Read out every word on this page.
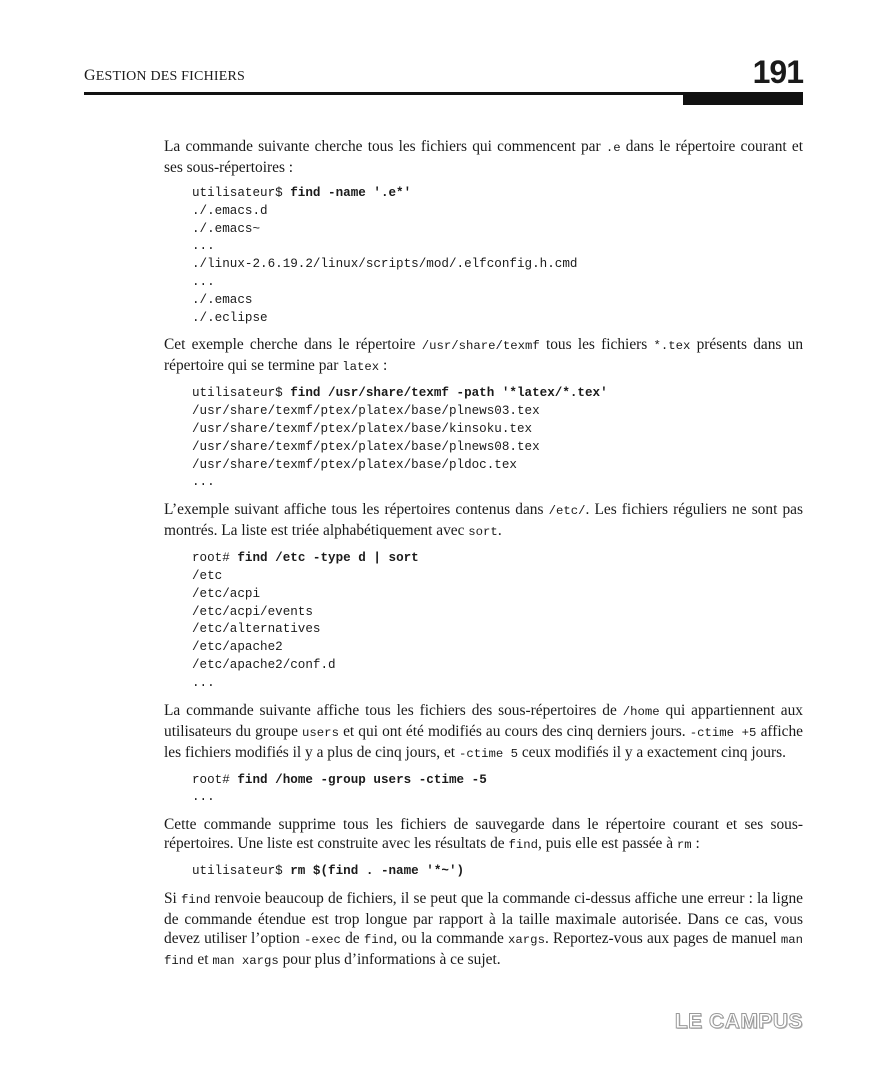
GESTION DES FICHIERS	191

La commande suivante cherche tous les fichiers qui commencent par .e dans le répertoire courant et ses sous-répertoires :

utilisateur$ find -name '.e*'
./.emacs.d
./.emacs~
...
./linux-2.6.19.2/linux/scripts/mod/.elfconfig.h.cmd
...
./.emacs
./.eclipse

Cet exemple cherche dans le répertoire /usr/share/texmf tous les fichiers *.tex présents dans un répertoire qui se termine par latex :

utilisateur$ find /usr/share/texmf -path '*latex/*.tex'
/usr/share/texmf/ptex/platex/base/plnews03.tex
/usr/share/texmf/ptex/platex/base/kinsoku.tex
/usr/share/texmf/ptex/platex/base/plnews08.tex
/usr/share/texmf/ptex/platex/base/pldoc.tex
...

L’exemple suivant affiche tous les répertoires contenus dans /etc/. Les fichiers réguliers ne sont pas montrés. La liste est triée alphabétiquement avec sort.

root# find /etc -type d | sort
/etc
/etc/acpi
/etc/acpi/events
/etc/alternatives
/etc/apache2
/etc/apache2/conf.d
...

La commande suivante affiche tous les fichiers des sous-répertoires de /home qui appartiennent aux utilisateurs du groupe users et qui ont été modifiés au cours des cinq derniers jours. -ctime +5 affiche les fichiers modifiés il y a plus de cinq jours, et -ctime 5 ceux modifiés il y a exactement cinq jours.

root# find /home -group users -ctime -5
...

Cette commande supprime tous les fichiers de sauvegarde dans le répertoire courant et ses sous-répertoires. Une liste est construite avec les résultats de find, puis elle est passée à rm :

utilisateur$ rm $(find . -name '*~')

Si find renvoie beaucoup de fichiers, il se peut que la commande ci-dessus affiche une erreur : la ligne de commande étendue est trop longue par rapport à la taille maximale autorisée. Dans ce cas, vous devez utiliser l’option -exec de find, ou la commande xargs. Reportez-vous aux pages de manuel man find et man xargs pour plus d’informations à ce sujet.

LE CAMPUS
